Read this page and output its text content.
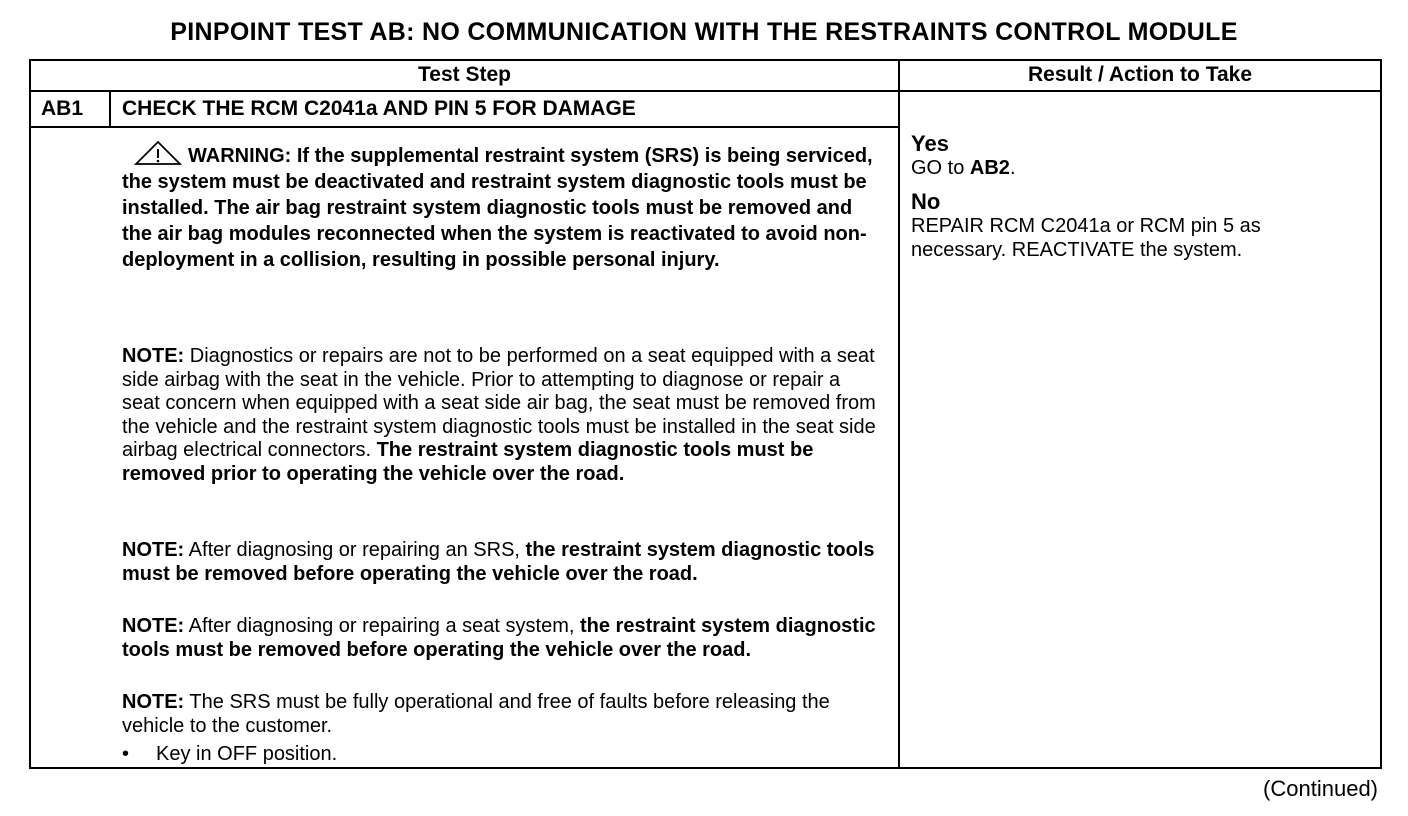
PINPOINT TEST AB: NO COMMUNICATION WITH THE RESTRAINTS CONTROL MODULE
Test Step	Result / Action to Take
AB1 CHECK THE RCM C2041a AND PIN 5 FOR DAMAGE
WARNING: If the supplemental restraint system (SRS) is being serviced, the system must be deactivated and restraint system diagnostic tools must be installed. The air bag restraint system diagnostic tools must be removed and the air bag modules reconnected when the system is reactivated to avoid non-deployment in a collision, resulting in possible personal injury.
NOTE: Diagnostics or repairs are not to be performed on a seat equipped with a seat side airbag with the seat in the vehicle. Prior to attempting to diagnose or repair a seat concern when equipped with a seat side air bag, the seat must be removed from the vehicle and the restraint system diagnostic tools must be installed in the seat side airbag electrical connectors. The restraint system diagnostic tools must be removed prior to operating the vehicle over the road.
NOTE: After diagnosing or repairing an SRS, the restraint system diagnostic tools must be removed before operating the vehicle over the road.
NOTE: After diagnosing or repairing a seat system, the restraint system diagnostic tools must be removed before operating the vehicle over the road.
NOTE: The SRS must be fully operational and free of faults before releasing the vehicle to the customer.
• Key in OFF position.
Yes
GO to AB2.
No
REPAIR RCM C2041a or RCM pin 5 as necessary. REACTIVATE the system.
(Continued)
